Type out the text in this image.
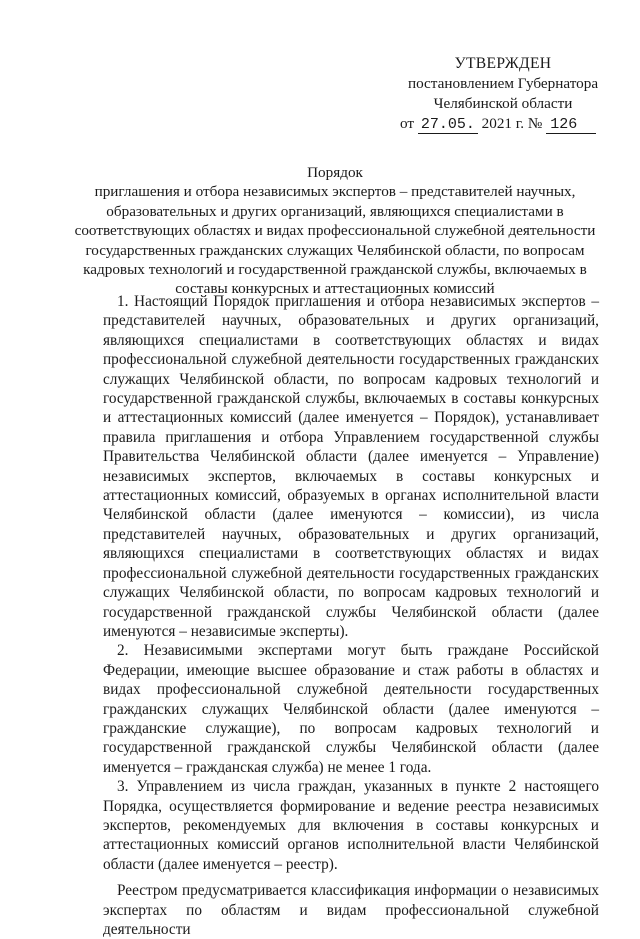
УТВЕРЖДЕН
постановлением Губернатора
Челябинской области
от 27.05. 2021 г. № 126
Порядок
приглашения и отбора независимых экспертов – представителей научных, образовательных и других организаций, являющихся специалистами в соответствующих областях и видах профессиональной служебной деятельности государственных гражданских служащих Челябинской области, по вопросам кадровых технологий и государственной гражданской службы, включаемых в составы конкурсных и аттестационных комиссий

1. Настоящий Порядок приглашения и отбора независимых экспертов – представителей научных, образовательных и других организаций, являющихся специалистами в соответствующих областях и видах профессиональной служебной деятельности государственных гражданских служащих Челябинской области, по вопросам кадровых технологий и государственной гражданской службы, включаемых в составы конкурсных и аттестационных комиссий (далее именуется – Порядок), устанавливает правила приглашения и отбора Управлением государственной службы Правительства Челябинской области (далее именуется – Управление) независимых экспертов, включаемых в составы конкурсных и аттестационных комиссий, образуемых в органах исполнительной власти Челябинской области (далее именуются – комиссии), из числа представителей научных, образовательных и других организаций, являющихся специалистами в соответствующих областях и видах профессиональной служебной деятельности государственных гражданских служащих Челябинской области, по вопросам кадровых технологий и государственной гражданской службы Челябинской области (далее именуются – независимые эксперты).

2. Независимыми экспертами могут быть граждане Российской Федерации, имеющие высшее образование и стаж работы в областях и видах профессиональной служебной деятельности государственных гражданских служащих Челябинской области (далее именуются – гражданские служащие), по вопросам кадровых технологий и государственной гражданской службы Челябинской области (далее именуется – гражданская служба) не менее 1 года.

3. Управлением из числа граждан, указанных в пункте 2 настоящего Порядка, осуществляется формирование и ведение реестра независимых экспертов, рекомендуемых для включения в составы конкурсных и аттестационных комиссий органов исполнительной власти Челябинской области (далее именуется – реестр).

Реестром предусматривается классификация информации о независимых экспертах по областям и видам профессиональной служебной деятельности
